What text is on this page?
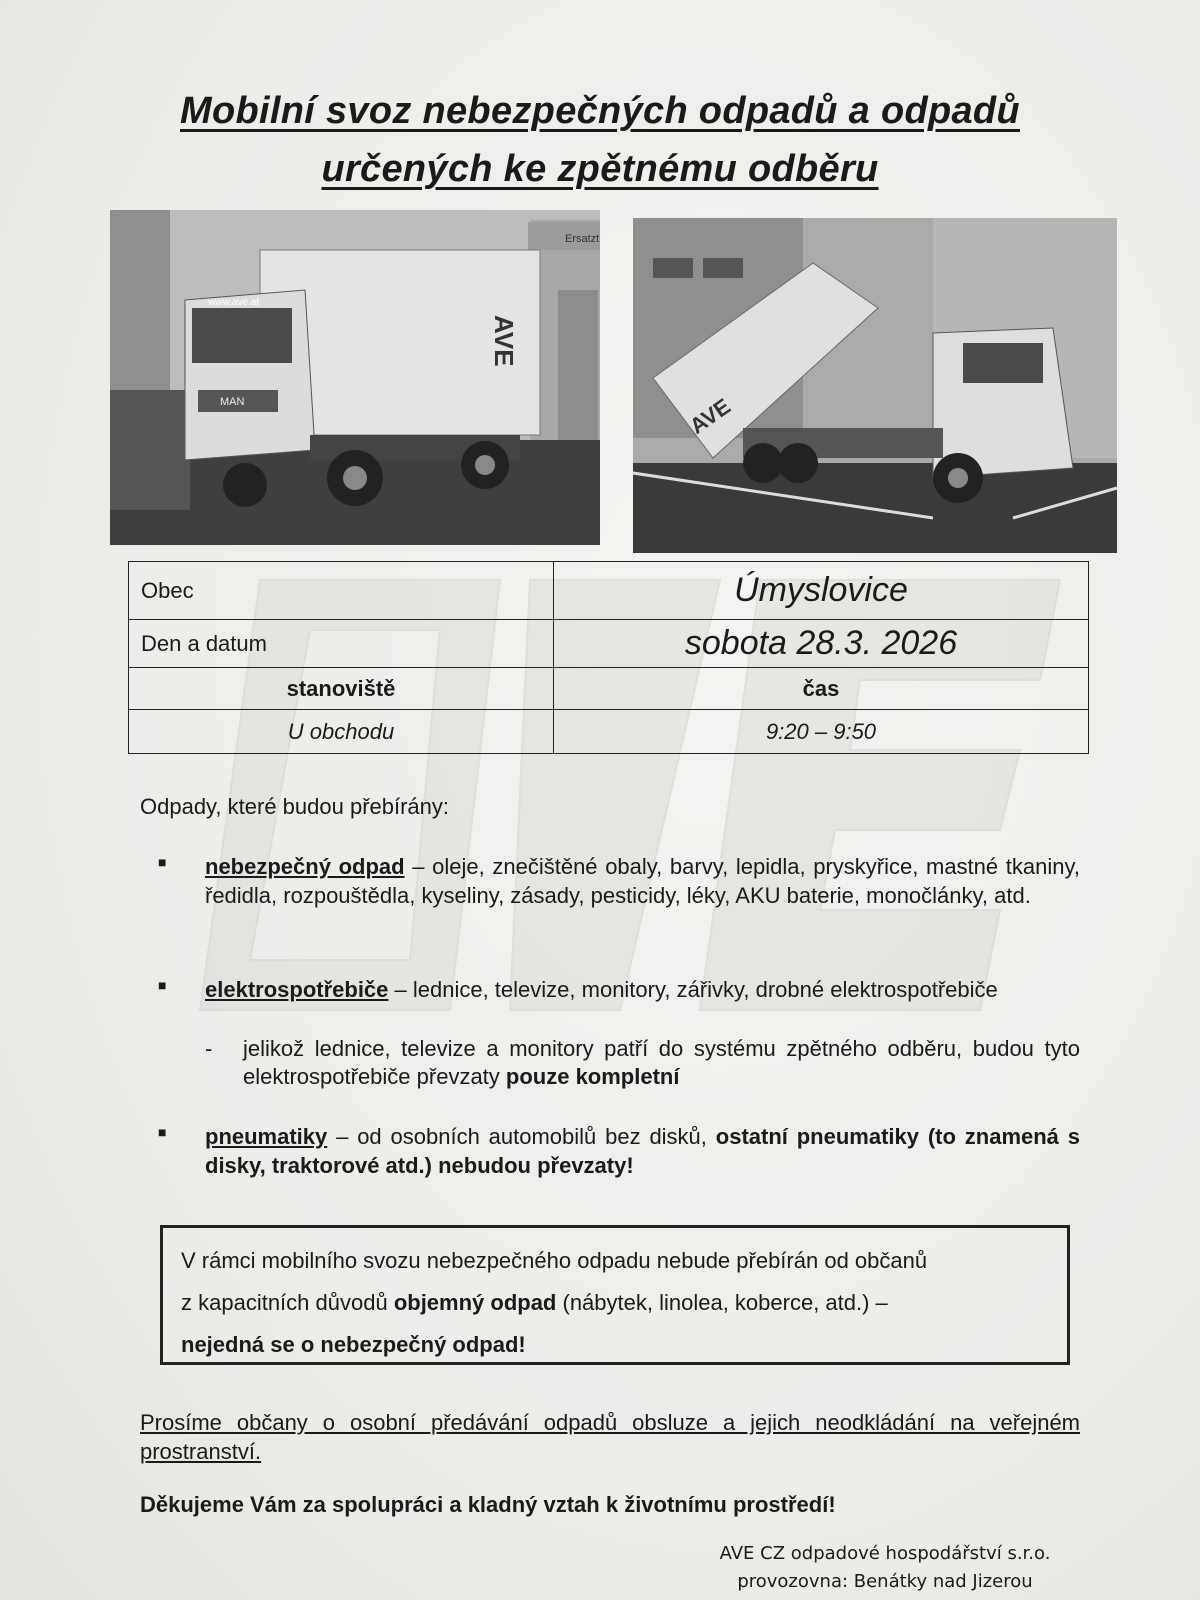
AVE
Mobilní svoz nebezpečných odpadů a odpadů
určených ke zpětnému odběru
Ersatzt
AVE
www.ave.at
MAN	AVE
Obec	Úmyslovice
Den a datum	sobota 28.3. 2026
stanoviště	čas
U obchodu	9:20 – 9:50
Odpady, které budou přebírány:
■ nebezpečný odpad – oleje, znečištěné obaly, barvy, lepidla, pryskyřice, mastné tkaniny, ředidla, rozpouštědla, kyseliny, zásady, pesticidy, léky, AKU baterie, monočlánky, atd.
■ elektrospotřebiče – lednice, televize, monitory, zářivky, drobné elektrospotřebiče
-	jelikož lednice, televize a monitory patří do systému zpětného odběru, budou tyto elektrospotřebiče převzaty pouze kompletní
■ pneumatiky – od osobních automobilů bez disků, ostatní pneumatiky (to znamená s disky, traktorové atd.) nebudou převzaty!
V rámci mobilního svozu nebezpečného odpadu nebude přebírán od občanů
z kapacitních důvodů objemný odpad (nábytek, linolea, koberce, atd.) –
nejedná se o nebezpečný odpad!
Prosíme občany o osobní předávání odpadů obsluze a jejich neodkládání na veřejném prostranství.
Děkujeme Vám za spolupráci a kladný vztah k životnímu prostředí!
AVE CZ odpadové hospodářství s.r.o.
provozovna: Benátky nad Jizerou
